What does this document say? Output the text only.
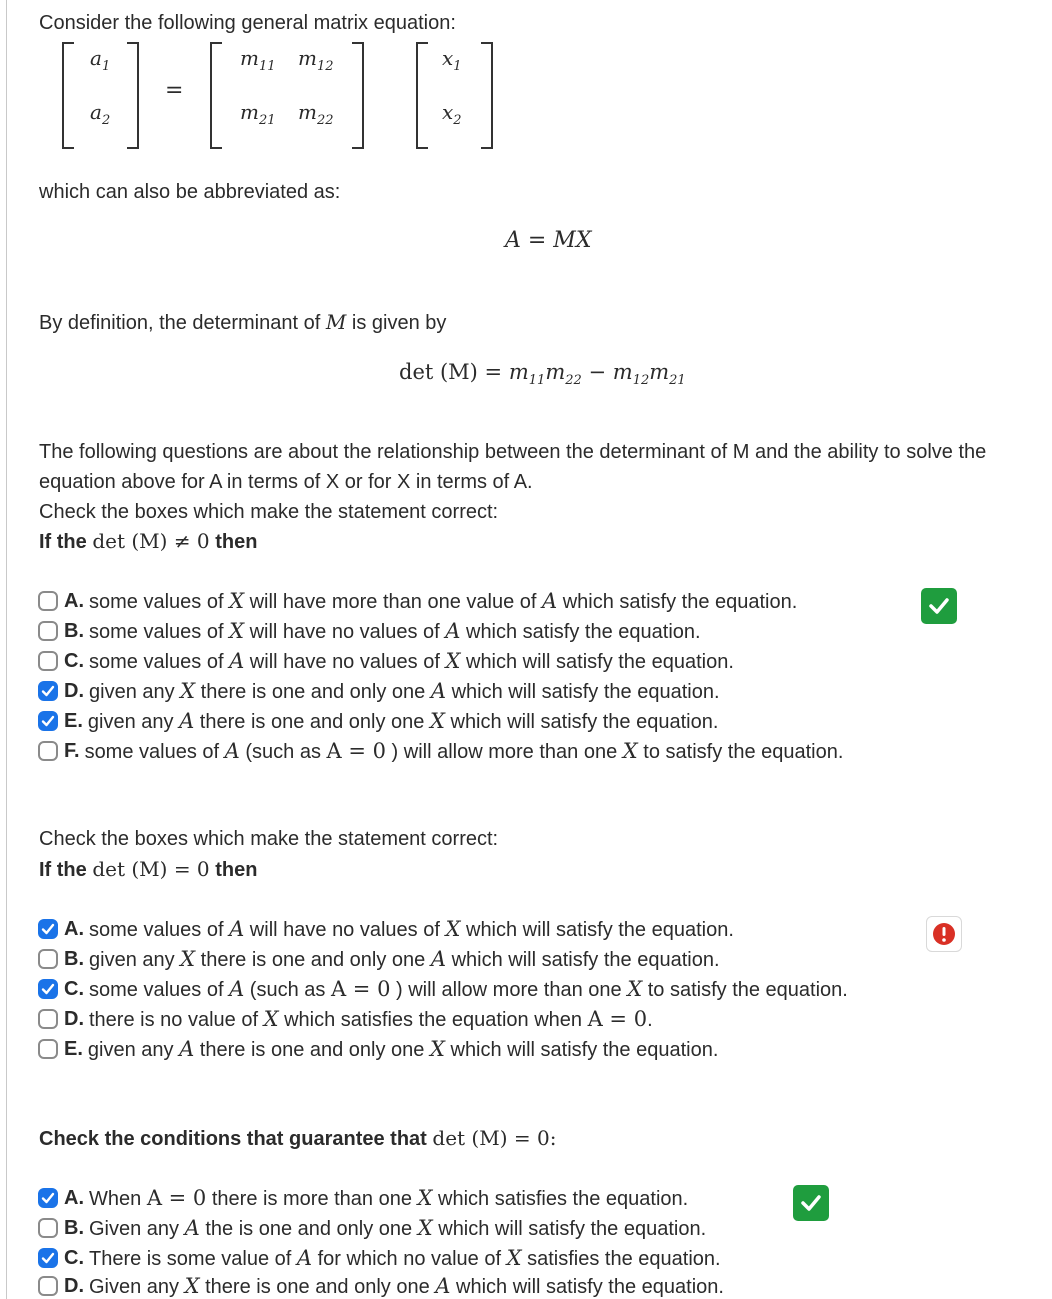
Consider the following general matrix equation:
$a_1$
$a_2$
=
$m_{11}$ $m_{12}$
$m_{21}$ $m_{22}$
$x_1$
$x_2$
which can also be abbreviated as:
A = MX
By definition, the determinant of M is given by
$\det (M) = m_{11}m_{22} - m_{12}m_{21}$
The following questions are about the relationship between the determinant of M and the ability to solve the
equation above for A in terms of X or for X in terms of A.
Check the boxes which make the statement correct:
If the det (M) ≠ 0 then
A. some values of X will have more than one value of A which satisfy the equation.
B. some values of X will have no values of A which satisfy the equation.
C. some values of A will have no values of X which will satisfy the equation.
D. given any X there is one and only one A which will satisfy the equation.
E. given any A there is one and only one X which will satisfy the equation.
F. some values of A (such as A = 0 ) will allow more than one X to satisfy the equation.
Check the boxes which make the statement correct:
If the det (M) = 0 then
A. some values of A will have no values of X which will satisfy the equation.
B. given any X there is one and only one A which will satisfy the equation.
C. some values of A (such as A = 0 ) will allow more than one X to satisfy the equation.
D. there is no value of X which satisfies the equation when A = 0.
E. given any A there is one and only one X which will satisfy the equation.
Check the conditions that guarantee that det (M) = 0:
A. When A = 0 there is more than one X which satisfies the equation.
B. Given any A the is one and only one X which will satisfy the equation.
C. There is some value of A for which no value of X satisfies the equation.
D. Given any X there is one and only one A which will satisfy the equation.
